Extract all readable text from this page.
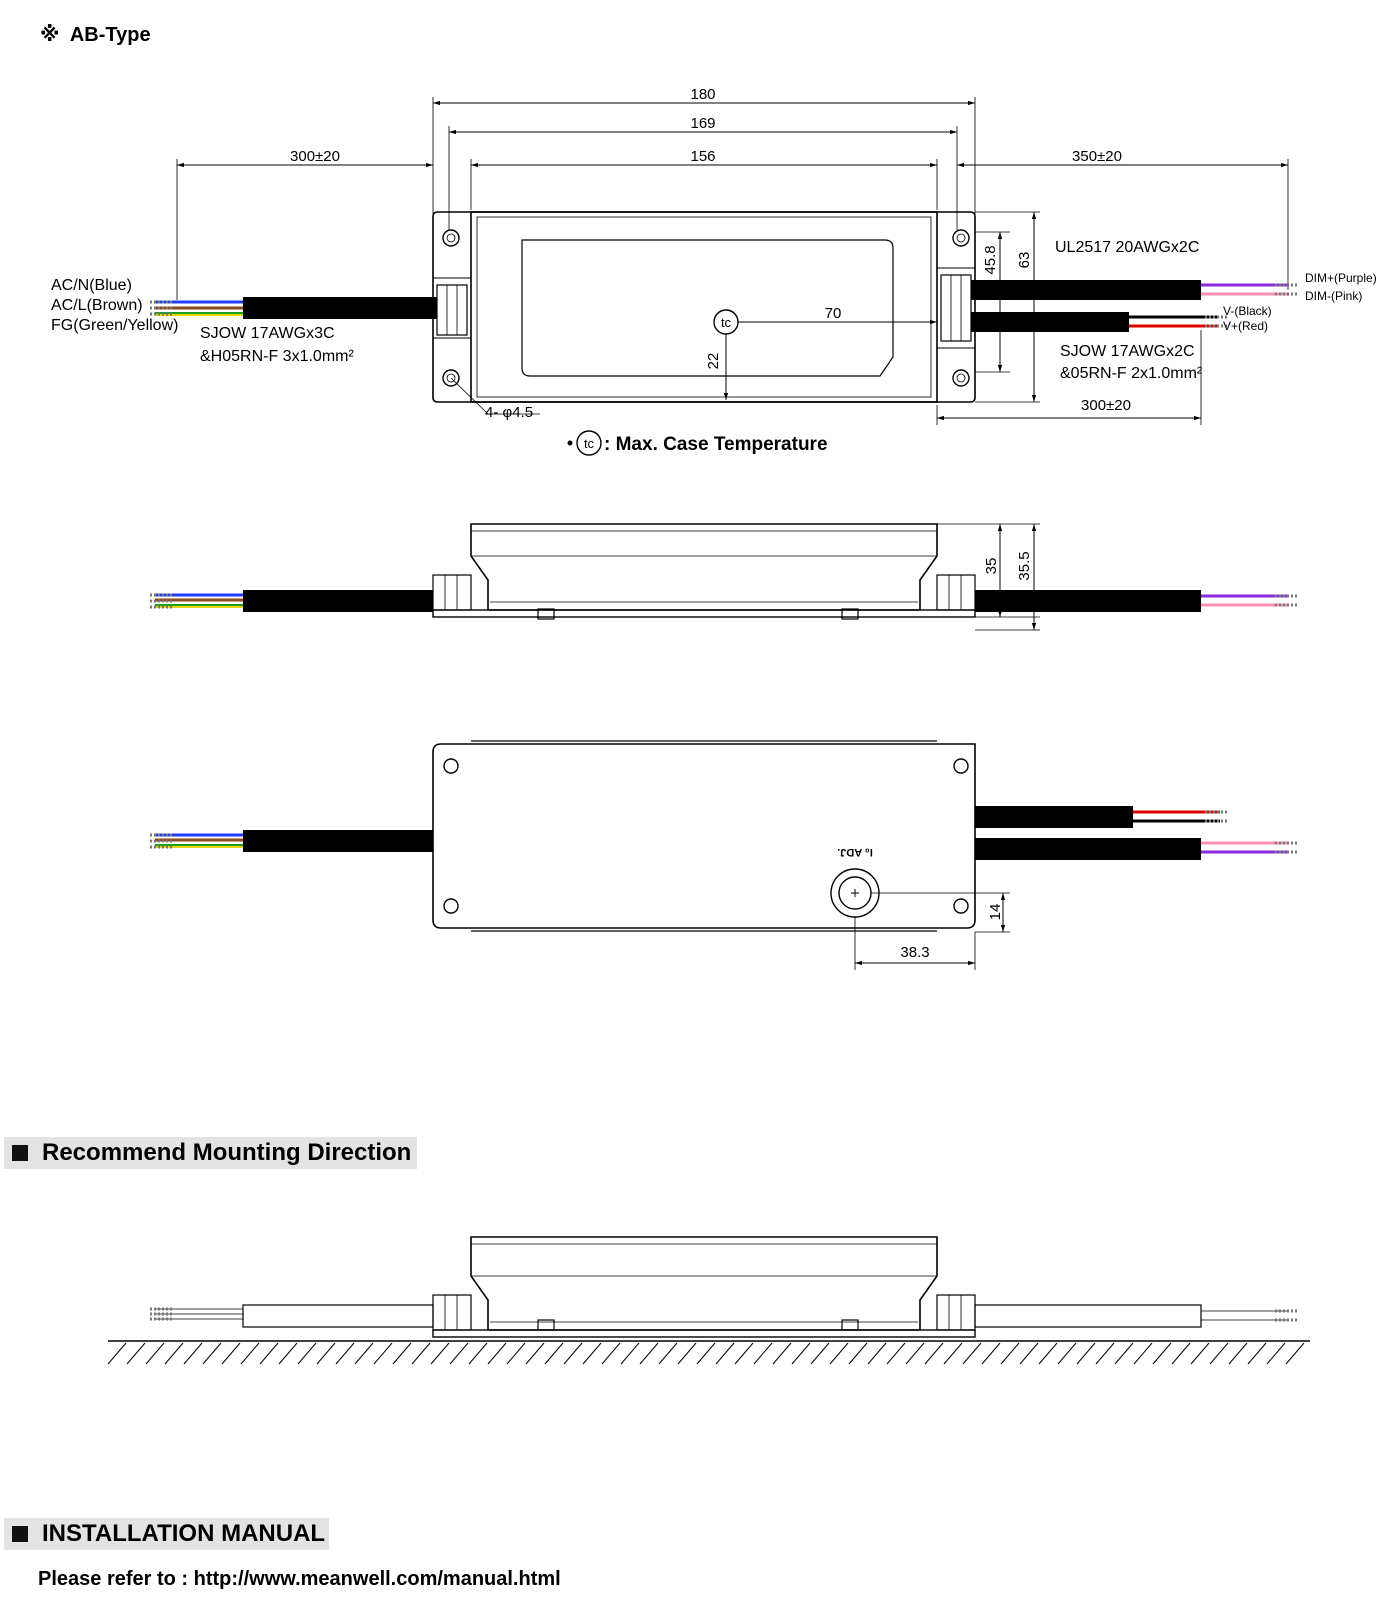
※ AB-Type
180
169
156
300±20	350±20
300±20
70
22
45.8 63
4- φ4.5
tc
tc : Max. Case Temperature
AC/N(Blue)
AC/L(Brown)
FG(Green/Yellow) SJOW 17AWGx3C
&H05RN-F 3x1.0mm²
UL2517 20AWGx2C
DIM+(Purple)
DIM-(Pink)
V-(Black)
V+(Red)
SJOW 17AWGx2C
&05RN-F 2x1.0mm²
35 35.5
I₀ ADJ.
14
38.3
Recommend Mounting Direction
INSTALLATION MANUAL
Please refer to : http://www.meanwell.com/manual.html
